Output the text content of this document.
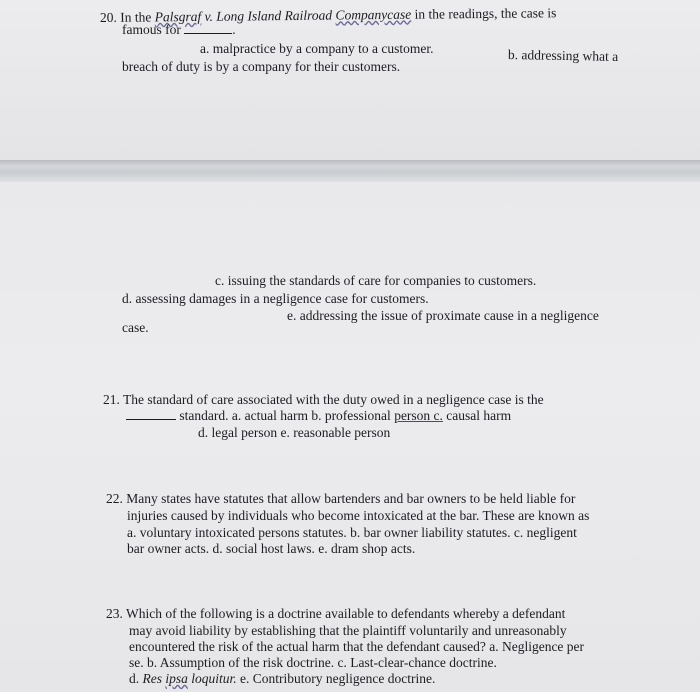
20. In the Palsgraf v. Long Island Railroad Companycase in the readings, the case is
famous for	.
a. malpractice by a company to a customer.	b. addressing what a
breach of duty is by a company for their customers.
c. issuing the standards of care for companies to customers.
d. assessing damages in a negligence case for customers.
e. addressing the issue of proximate cause in a negligence
case.
21. The standard of care associated with the duty owed in a negligence case is the
standard. a. actual harm b. professional person c. causal harm
d. legal person e. reasonable person
22. Many states have statutes that allow bartenders and bar owners to be held liable for
injuries caused by individuals who become intoxicated at the bar. These are known as
a. voluntary intoxicated persons statutes. b. bar owner liability statutes. c. negligent
bar owner acts. d. social host laws. e. dram shop acts.
23. Which of the following is a doctrine available to defendants whereby a defendant
may avoid liability by establishing that the plaintiff voluntarily and unreasonably
encountered the risk of the actual harm that the defendant caused? a. Negligence per
se. b. Assumption of the risk doctrine. c. Last-clear-chance doctrine.
d. Res ipsa loquitur. e. Contributory negligence doctrine.
